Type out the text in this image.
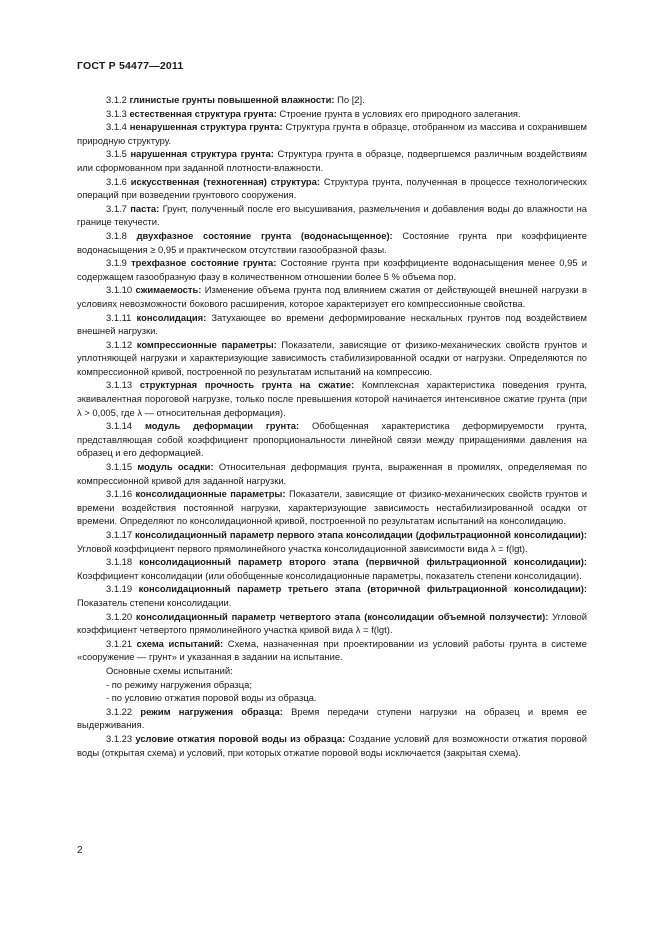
ГОСТ Р 54477—2011

3.1.2 глинистые грунты повышенной влажности: По [2].

3.1.3 естественная структура грунта: Строение грунта в условиях его природного залегания.

3.1.4 ненарушенная структура грунта: Структура грунта в образце, отобранном из массива и сохранившем природную структуру.

3.1.5 нарушенная структура грунта: Структура грунта в образце, подвергшемся различным воздействиям или сформованном при заданной плотности-влажности.

3.1.6 искусственная (техногенная) структура: Структура грунта, полученная в процессе технологических операций при возведении грунтового сооружения.

3.1.7 паста: Грунт, полученный после его высушивания, размельчения и добавления воды до влажности на границе текучести.

3.1.8 двухфазное состояние грунта (водонасыщенное): Состояние грунта при коэффициенте водонасыщения ≥ 0,95 и практическом отсутствии газообразной фазы.

3.1.9 трехфазное состояние грунта: Состояние грунта при коэффициенте водонасыщения менее 0,95 и содержащем газообразную фазу в количественном отношении более 5 % объема пор.

3.1.10 сжимаемость: Изменение объема грунта под влиянием сжатия от действующей внешней нагрузки в условиях невозможности бокового расширения, которое характеризует его компрессионные свойства.

3.1.11 консолидация: Затухающее во времени деформирование нескальных грунтов под воздействием внешней нагрузки.

3.1.12 компрессионные параметры: Показатели, зависящие от физико-механических свойств грунтов и уплотняющей нагрузки и характеризующие зависимость стабилизированной осадки от нагрузки. Определяются по компрессионной кривой, построенной по результатам испытаний на компрессию.

3.1.13 структурная прочность грунта на сжатие: Комплексная характеристика поведения грунта, эквивалентная пороговой нагрузке, только после превышения которой начинается интенсивное сжатие грунта (при λ > 0,005, где λ — относительная деформация).

3.1.14 модуль деформации грунта: Обобщенная характеристика деформируемости грунта, представляющая собой коэффициент пропорциональности линейной связи между приращениями давления на образец и его деформацией.

3.1.15 модуль осадки: Относительная деформация грунта, выраженная в промилях, определяемая по компрессионной кривой для заданной нагрузки.

3.1.16 консолидационные параметры: Показатели, зависящие от физико-механических свойств грунтов и времени воздействия постоянной нагрузки, характеризующие зависимость нестабилизированной осадки от времени. Определяют по консолидационной кривой, построенной по результатам испытаний на консолидацию.

3.1.17 консолидационный параметр первого этапа консолидации (дофильтрационной консолидации): Угловой коэффициент первого прямолинейного участка консолидационной зависимости вида λ = f(lgt).

3.1.18 консолидационный параметр второго этапа (первичной фильтрационной консолидации): Коэффициент консолидации (или обобщенные консолидационные параметры, показатель степени консолидации).

3.1.19 консолидационный параметр третьего этапа (вторичной фильтрационной консолидации): Показатель степени консолидации.

3.1.20 консолидационный параметр четвертого этапа (консолидации объемной ползучести): Угловой коэффициент четвертого прямолинейного участка кривой вида λ = f(lgt).

3.1.21 схема испытаний: Схема, назначенная при проектировании из условий работы грунта в системе «сооружение — грунт» и указанная в задании на испытание.

Основные схемы испытаний:

- по режиму нагружения образца;

- по условию отжатия поровой воды из образца.

3.1.22 режим нагружения образца: Время передачи ступени нагрузки на образец и время ее выдерживания.

3.1.23 условие отжатия поровой воды из образца: Создание условий для возможности отжатия поровой воды (открытая схема) и условий, при которых отжатие поровой воды исключается (закрытая схема).

2
